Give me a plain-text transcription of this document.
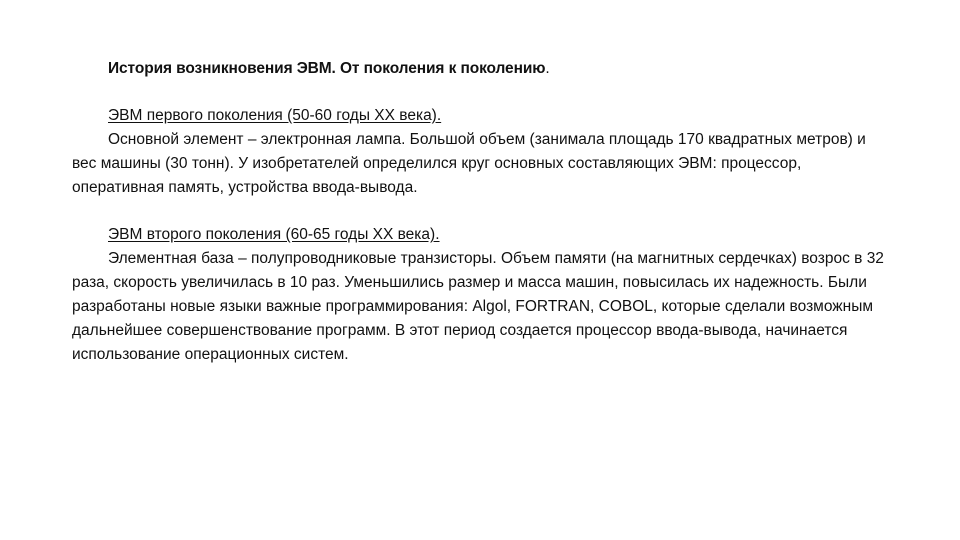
История возникновения ЭВМ. От поколения к поколению.
ЭВМ первого поколения (50-60 годы XX века).

Основной элемент – электронная лампа. Большой объем (занимала площадь 170 квадратных метров) и вес машины (30 тонн). У изобретателей определился круг основных составляющих ЭВМ: процессор, оперативная память, устройства ввода-вывода.

ЭВМ второго поколения (60-65 годы XX века).

Элементная база – полупроводниковые транзисторы. Объем памяти (на магнитных сердечках) возрос в 32 раза, скорость увеличилась в 10 раз. Уменьшились размер и масса машин, повысилась их надежность. Были разработаны новые языки важные программирования: Algol, FORTRAN, COBOL, которые сделали возможным дальнейшее совершенствование программ. В этот период создается процессор ввода-вывода, начинается использование операционных систем.
